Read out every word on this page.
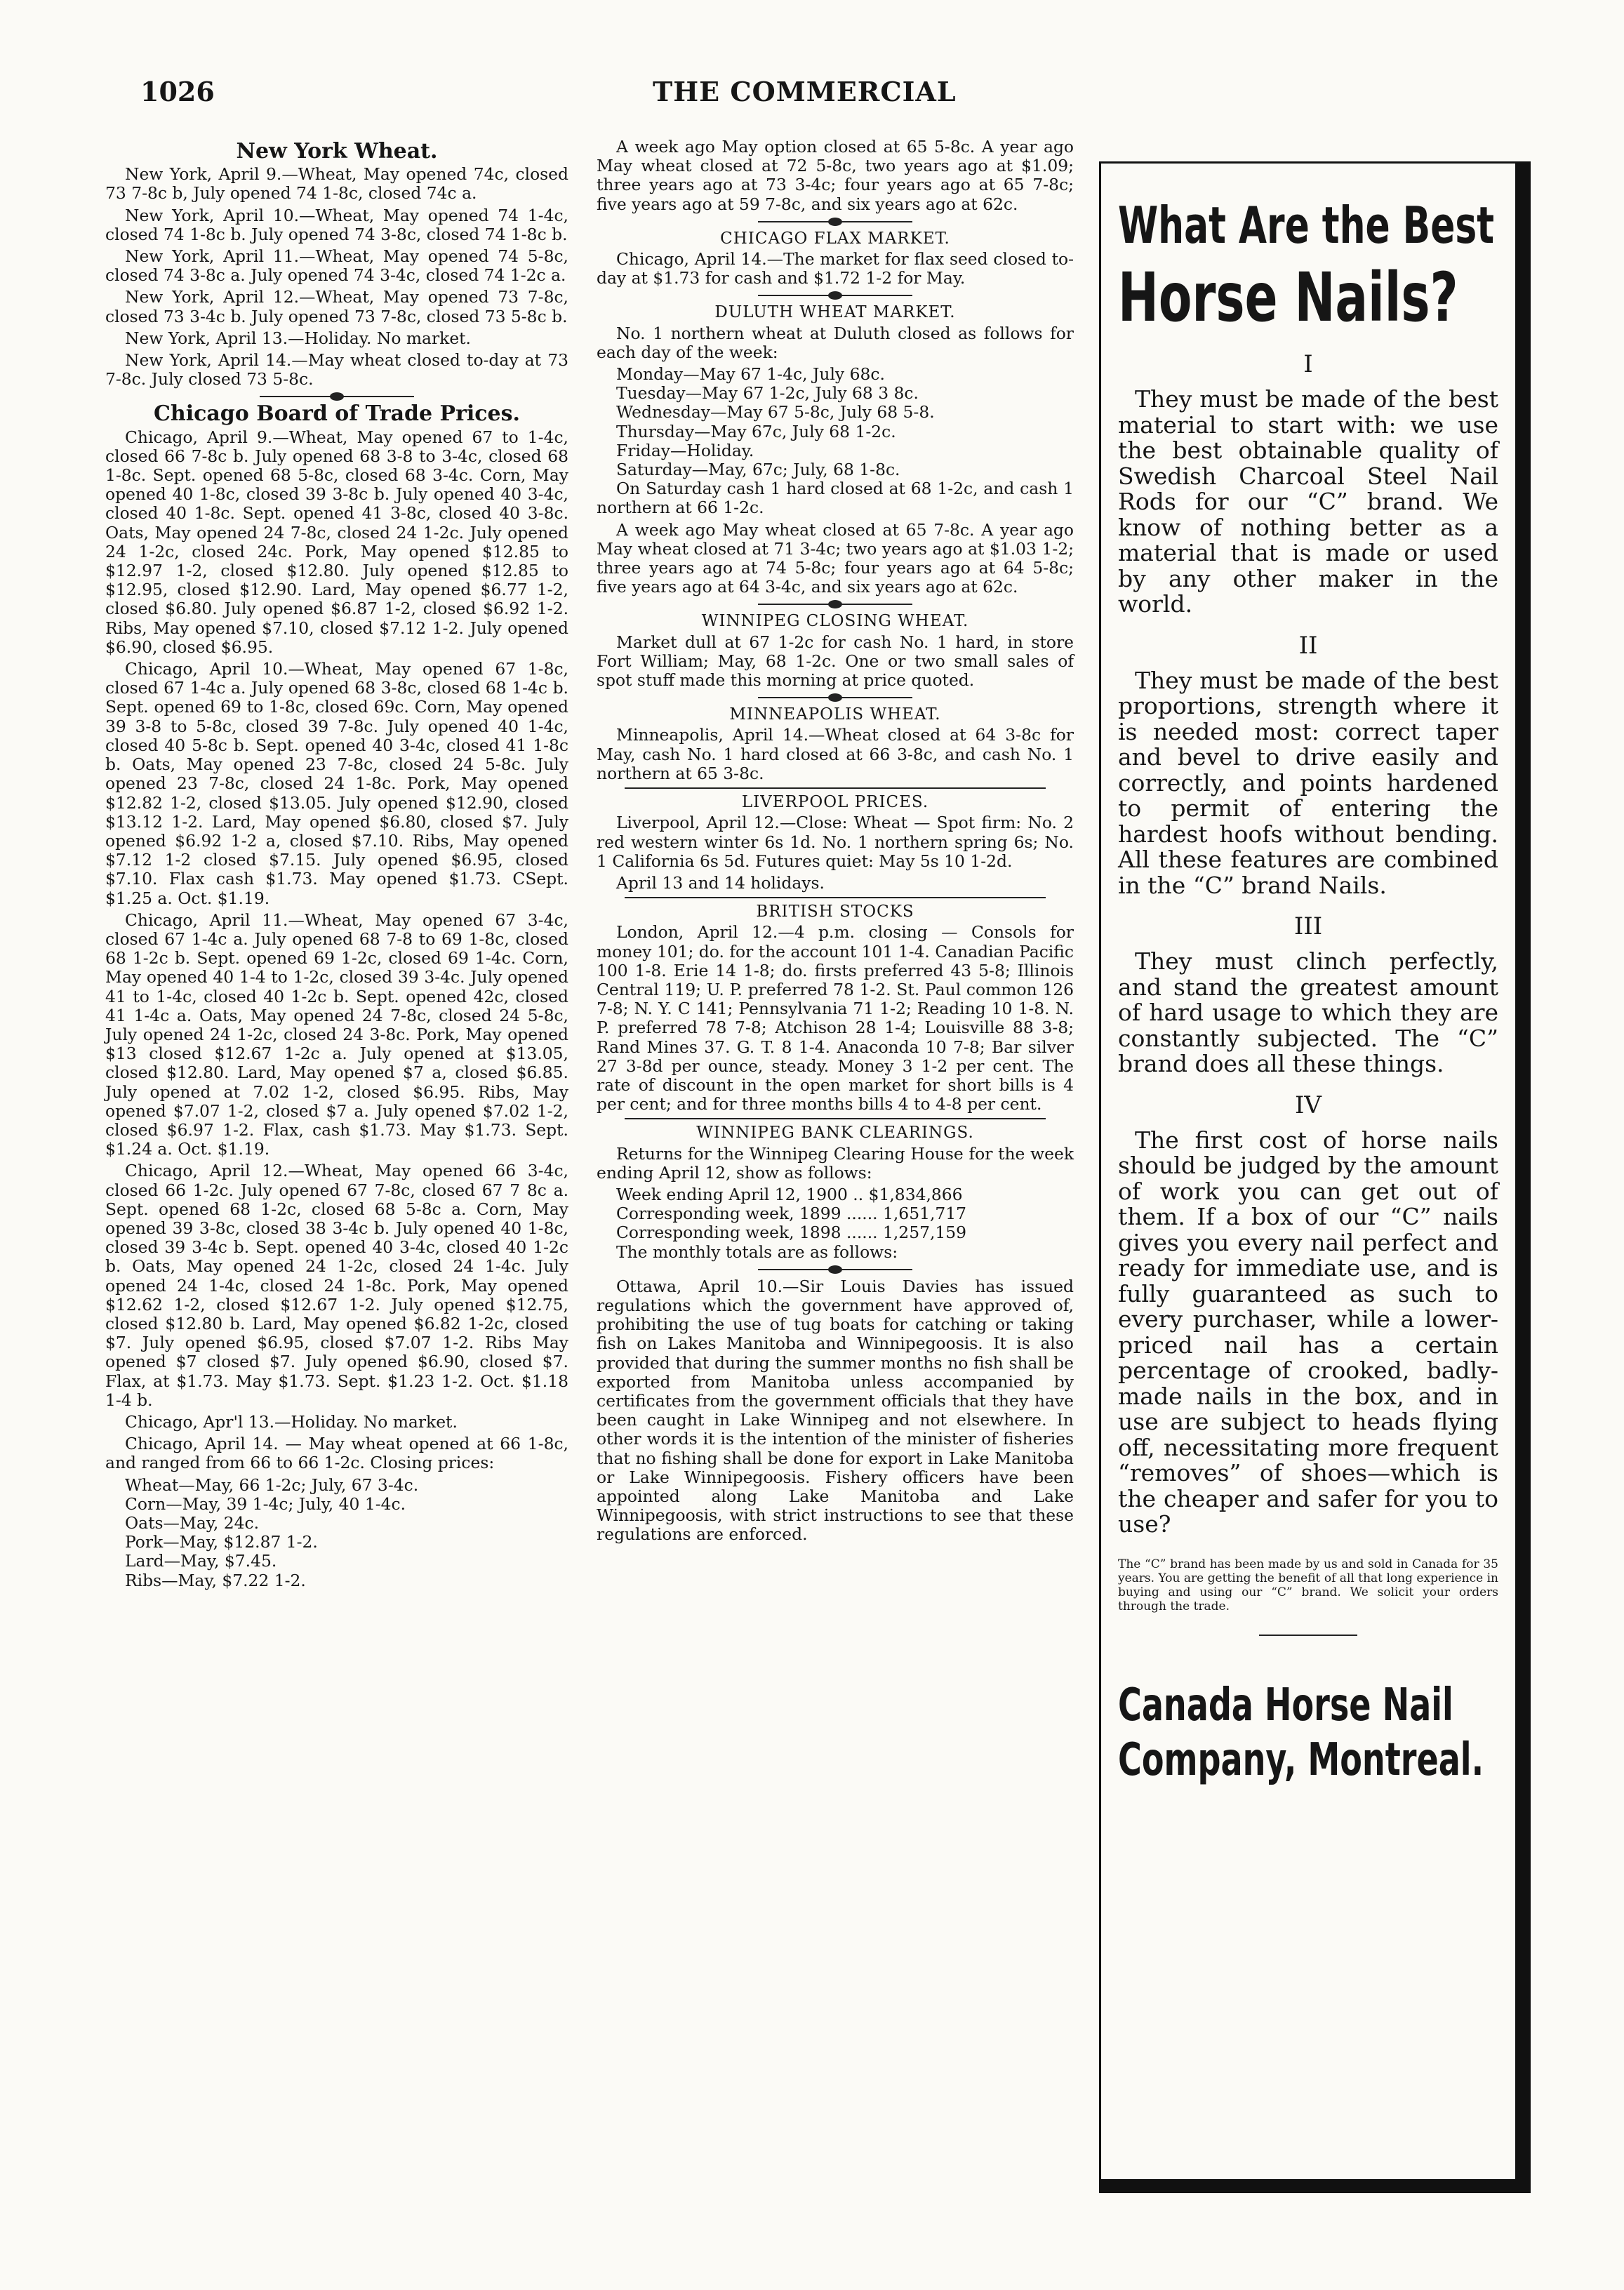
1026	THE COMMERCIAL
New York Wheat.

New York, April 9.—Wheat, May opened 74c, closed 73 7-8c b, July opened 74 1-8c, closed 74c a.

New York, April 10.—Wheat, May opened 74 1-4c, closed 74 1-8c b. July opened 74 3-8c, closed 74 1-8c b.

New York, April 11.—Wheat, May opened 74 5-8c, closed 74 3-8c a. July opened 74 3-4c, closed 74 1-2c a.

New York, April 12.—Wheat, May opened 73 7-8c, closed 73 3-4c b. July opened 73 7-8c, closed 73 5-8c b.

New York, April 13.—Holiday. No market.

New York, April 14.—May wheat closed to-day at 73 7-8c. July closed 73 5-8c.

Chicago Board of Trade Prices.

Chicago, April 9.—Wheat, May opened 67 to 1-4c, closed 66 7-8c b. July opened 68 3-8 to 3-4c, closed 68 1-8c. Sept. opened 68 5-8c, closed 68 3-4c. Corn, May opened 40 1-8c, closed 39 3-8c b. July opened 40 3-4c, closed 40 1-8c. Sept. opened 41 3-8c, closed 40 3-8c. Oats, May opened 24 7-8c, closed 24 1-2c. July opened 24 1-2c, closed 24c. Pork, May opened $12.85 to $12.97 1-2, closed $12.80. July opened $12.85 to $12.95, closed $12.90. Lard, May opened $6.77 1-2, closed $6.80. July opened $6.87 1-2, closed $6.92 1-2. Ribs, May opened $7.10, closed $7.12 1-2. July opened $6.90, closed $6.95.

Chicago, April 10.—Wheat, May opened 67 1-8c, closed 67 1-4c a. July opened 68 3-8c, closed 68 1-4c b. Sept. opened 69 to 1-8c, closed 69c. Corn, May opened 39 3-8 to 5-8c, closed 39 7-8c. July opened 40 1-4c, closed 40 5-8c b. Sept. opened 40 3-4c, closed 41 1-8c b. Oats, May opened 23 7-8c, closed 24 5-8c. July opened 23 7-8c, closed 24 1-8c. Pork, May opened $12.82 1-2, closed $13.05. July opened $12.90, closed $13.12 1-2. Lard, May opened $6.80, closed $7. July opened $6.92 1-2 a, closed $7.10. Ribs, May opened $7.12 1-2 closed $7.15. July opened $6.95, closed $7.10. Flax cash $1.73. May opened $1.73. CSept. $1.25 a. Oct. $1.19.

Chicago, April 11.—Wheat, May opened 67 3-4c, closed 67 1-4c a. July opened 68 7-8 to 69 1-8c, closed 68 1-2c b. Sept. opened 69 1-2c, closed 69 1-4c. Corn, May opened 40 1-4 to 1-2c, closed 39 3-4c. July opened 41 to 1-4c, closed 40 1-2c b. Sept. opened 42c, closed 41 1-4c a. Oats, May opened 24 7-8c, closed 24 5-8c, July opened 24 1-2c, closed 24 3-8c. Pork, May opened $13 closed $12.67 1-2c a. July opened at $13.05, closed $12.80. Lard, May opened $7 a, closed $6.85. July opened at 7.02 1-2, closed $6.95. Ribs, May opened $7.07 1-2, closed $7 a. July opened $7.02 1-2, closed $6.97 1-2. Flax, cash $1.73. May $1.73. Sept. $1.24 a. Oct. $1.19.

Chicago, April 12.—Wheat, May opened 66 3-4c, closed 66 1-2c. July opened 67 7-8c, closed 67 7 8c a. Sept. opened 68 1-2c, closed 68 5-8c a. Corn, May opened 39 3-8c, closed 38 3-4c b. July opened 40 1-8c, closed 39 3-4c b. Sept. opened 40 3-4c, closed 40 1-2c b. Oats, May opened 24 1-2c, closed 24 1-4c. July opened 24 1-4c, closed 24 1-8c. Pork, May opened $12.62 1-2, closed $12.67 1-2. July opened $12.75, closed $12.80 b. Lard, May opened $6.82 1-2c, closed $7. July opened $6.95, closed $7.07 1-2. Ribs May opened $7 closed $7. July opened $6.90, closed $7. Flax, at $1.73. May $1.73. Sept. $1.23 1-2. Oct. $1.18 1-4 b.

Chicago, Apr'l 13.—Holiday. No market.

Chicago, April 14. — May wheat opened at 66 1-8c, and ranged from 66 to 66 1-2c. Closing prices:

Wheat—May, 66 1-2c; July, 67 3-4c.
Corn—May, 39 1-4c; July, 40 1-4c.
Oats—May, 24c.
Pork—May, $12.87 1-2.
Lard—May, $7.45.
Ribs—May, $7.22 1-2.

A week ago May option closed at 65 5-8c. A year ago May wheat closed at 72 5-8c, two years ago at $1.09; three years ago at 73 3-4c; four years ago at 65 7-8c; five years ago at 59 7-8c, and six years ago at 62c.

CHICAGO FLAX MARKET.

Chicago, April 14.—The market for flax seed closed to-day at $1.73 for cash and $1.72 1-2 for May.

DULUTH WHEAT MARKET.

No. 1 northern wheat at Duluth closed as follows for each day of the week:

Monday—May 67 1-4c, July 68c.
Tuesday—May 67 1-2c, July 68 3 8c.
Wednesday—May 67 5-8c, July 68 5-8.
Thursday—May 67c, July 68 1-2c.
Friday—Holiday.
Saturday—May, 67c; July, 68 1-8c.

On Saturday cash 1 hard closed at 68 1-2c, and cash 1 northern at 66 1-2c.

A week ago May wheat closed at 65 7-8c. A year ago May wheat closed at 71 3-4c; two years ago at $1.03 1-2; three years ago at 74 5-8c; four years ago at 64 5-8c; five years ago at 64 3-4c, and six years ago at 62c.

WINNIPEG CLOSING WHEAT.

Market dull at 67 1-2c for cash No. 1 hard, in store Fort William; May, 68 1-2c. One or two small sales of spot stuff made this morning at price quoted.

MINNEAPOLIS WHEAT.

Minneapolis, April 14.—Wheat closed at 64 3-8c for May, cash No. 1 hard closed at 66 3-8c, and cash No. 1 northern at 65 3-8c.

LIVERPOOL PRICES.

Liverpool, April 12.—Close: Wheat — Spot firm: No. 2 red western winter 6s 1d. No. 1 northern spring 6s; No. 1 California 6s 5d. Futures quiet: May 5s 10 1-2d.

April 13 and 14 holidays.

BRITISH STOCKS

London, April 12.—4 p.m. closing — Consols for money 101; do. for the account 101 1-4. Canadian Pacific 100 1-8. Erie 14 1-8; do. firsts preferred 43 5-8; Illinois Central 119; U. P. preferred 78 1-2. St. Paul common 126 7-8; N. Y. C 141; Pennsylvania 71 1-2; Reading 10 1-8. N. P. preferred 78 7-8; Atchison 28 1-4; Louisville 88 3-8; Rand Mines 37. G. T. 8 1-4. Anaconda 10 7-8; Bar silver 27 3-8d per ounce, steady. Money 3 1-2 per cent. The rate of discount in the open market for short bills is 4 per cent; and for three months bills 4 to 4-8 per cent.

WINNIPEG BANK CLEARINGS.

Returns for the Winnipeg Clearing House for the week ending April 12, show as follows:

Week ending April 12, 1900 .. $1,834,866
Corresponding week, 1899 ...... 1,651,717
Corresponding week, 1898 ...... 1,257,159
The monthly totals are as follows:

Ottawa, April 10.—Sir Louis Davies has issued regulations which the government have approved of, prohibiting the use of tug boats for catching or taking fish on Lakes Manitoba and Winnipegoosis. It is also provided that during the summer months no fish shall be exported from Manitoba unless accompanied by certificates from the government officials that they have been caught in Lake Winnipeg and not elsewhere. In other words it is the intention of the minister of fisheries that no fishing shall be done for export in Lake Manitoba or Lake Winnipegoosis. Fishery officers have been appointed along Lake Manitoba and Lake Winnipegoosis, with strict instructions to see that these regulations are enforced.

What Are the Best
Horse Nails?
I

They must be made of the best material to start with: we use the best obtainable quality of Swedish Charcoal Steel Nail Rods for our “C” brand. We know of nothing better as a material that is made or used by any other maker in the world.

II

They must be made of the best proportions, strength where it is needed most: correct taper and bevel to drive easily and correctly, and points hardened to permit of entering the hardest hoofs without bending. All these features are combined in the “C” brand Nails.

III

They must clinch perfectly, and stand the greatest amount of hard usage to which they are constantly subjected. The “C” brand does all these things.

IV

The first cost of horse nails should be judged by the amount of work you can get out of them. If a box of our “C” nails gives you every nail perfect and ready for immediate use, and is fully guaranteed as such to every purchaser, while a lower-priced nail has a certain percentage of crooked, badly-made nails in the box, and in use are subject to heads flying off, necessitating more frequent “removes” of shoes—which is the cheaper and safer for you to use?

The “C” brand has been made by us and sold in Canada for 35 years. You are getting the benefit of all that long experience in buying and using our “C” brand. We solicit your orders through the trade.

Canada Horse Nail
Company, Montreal.
